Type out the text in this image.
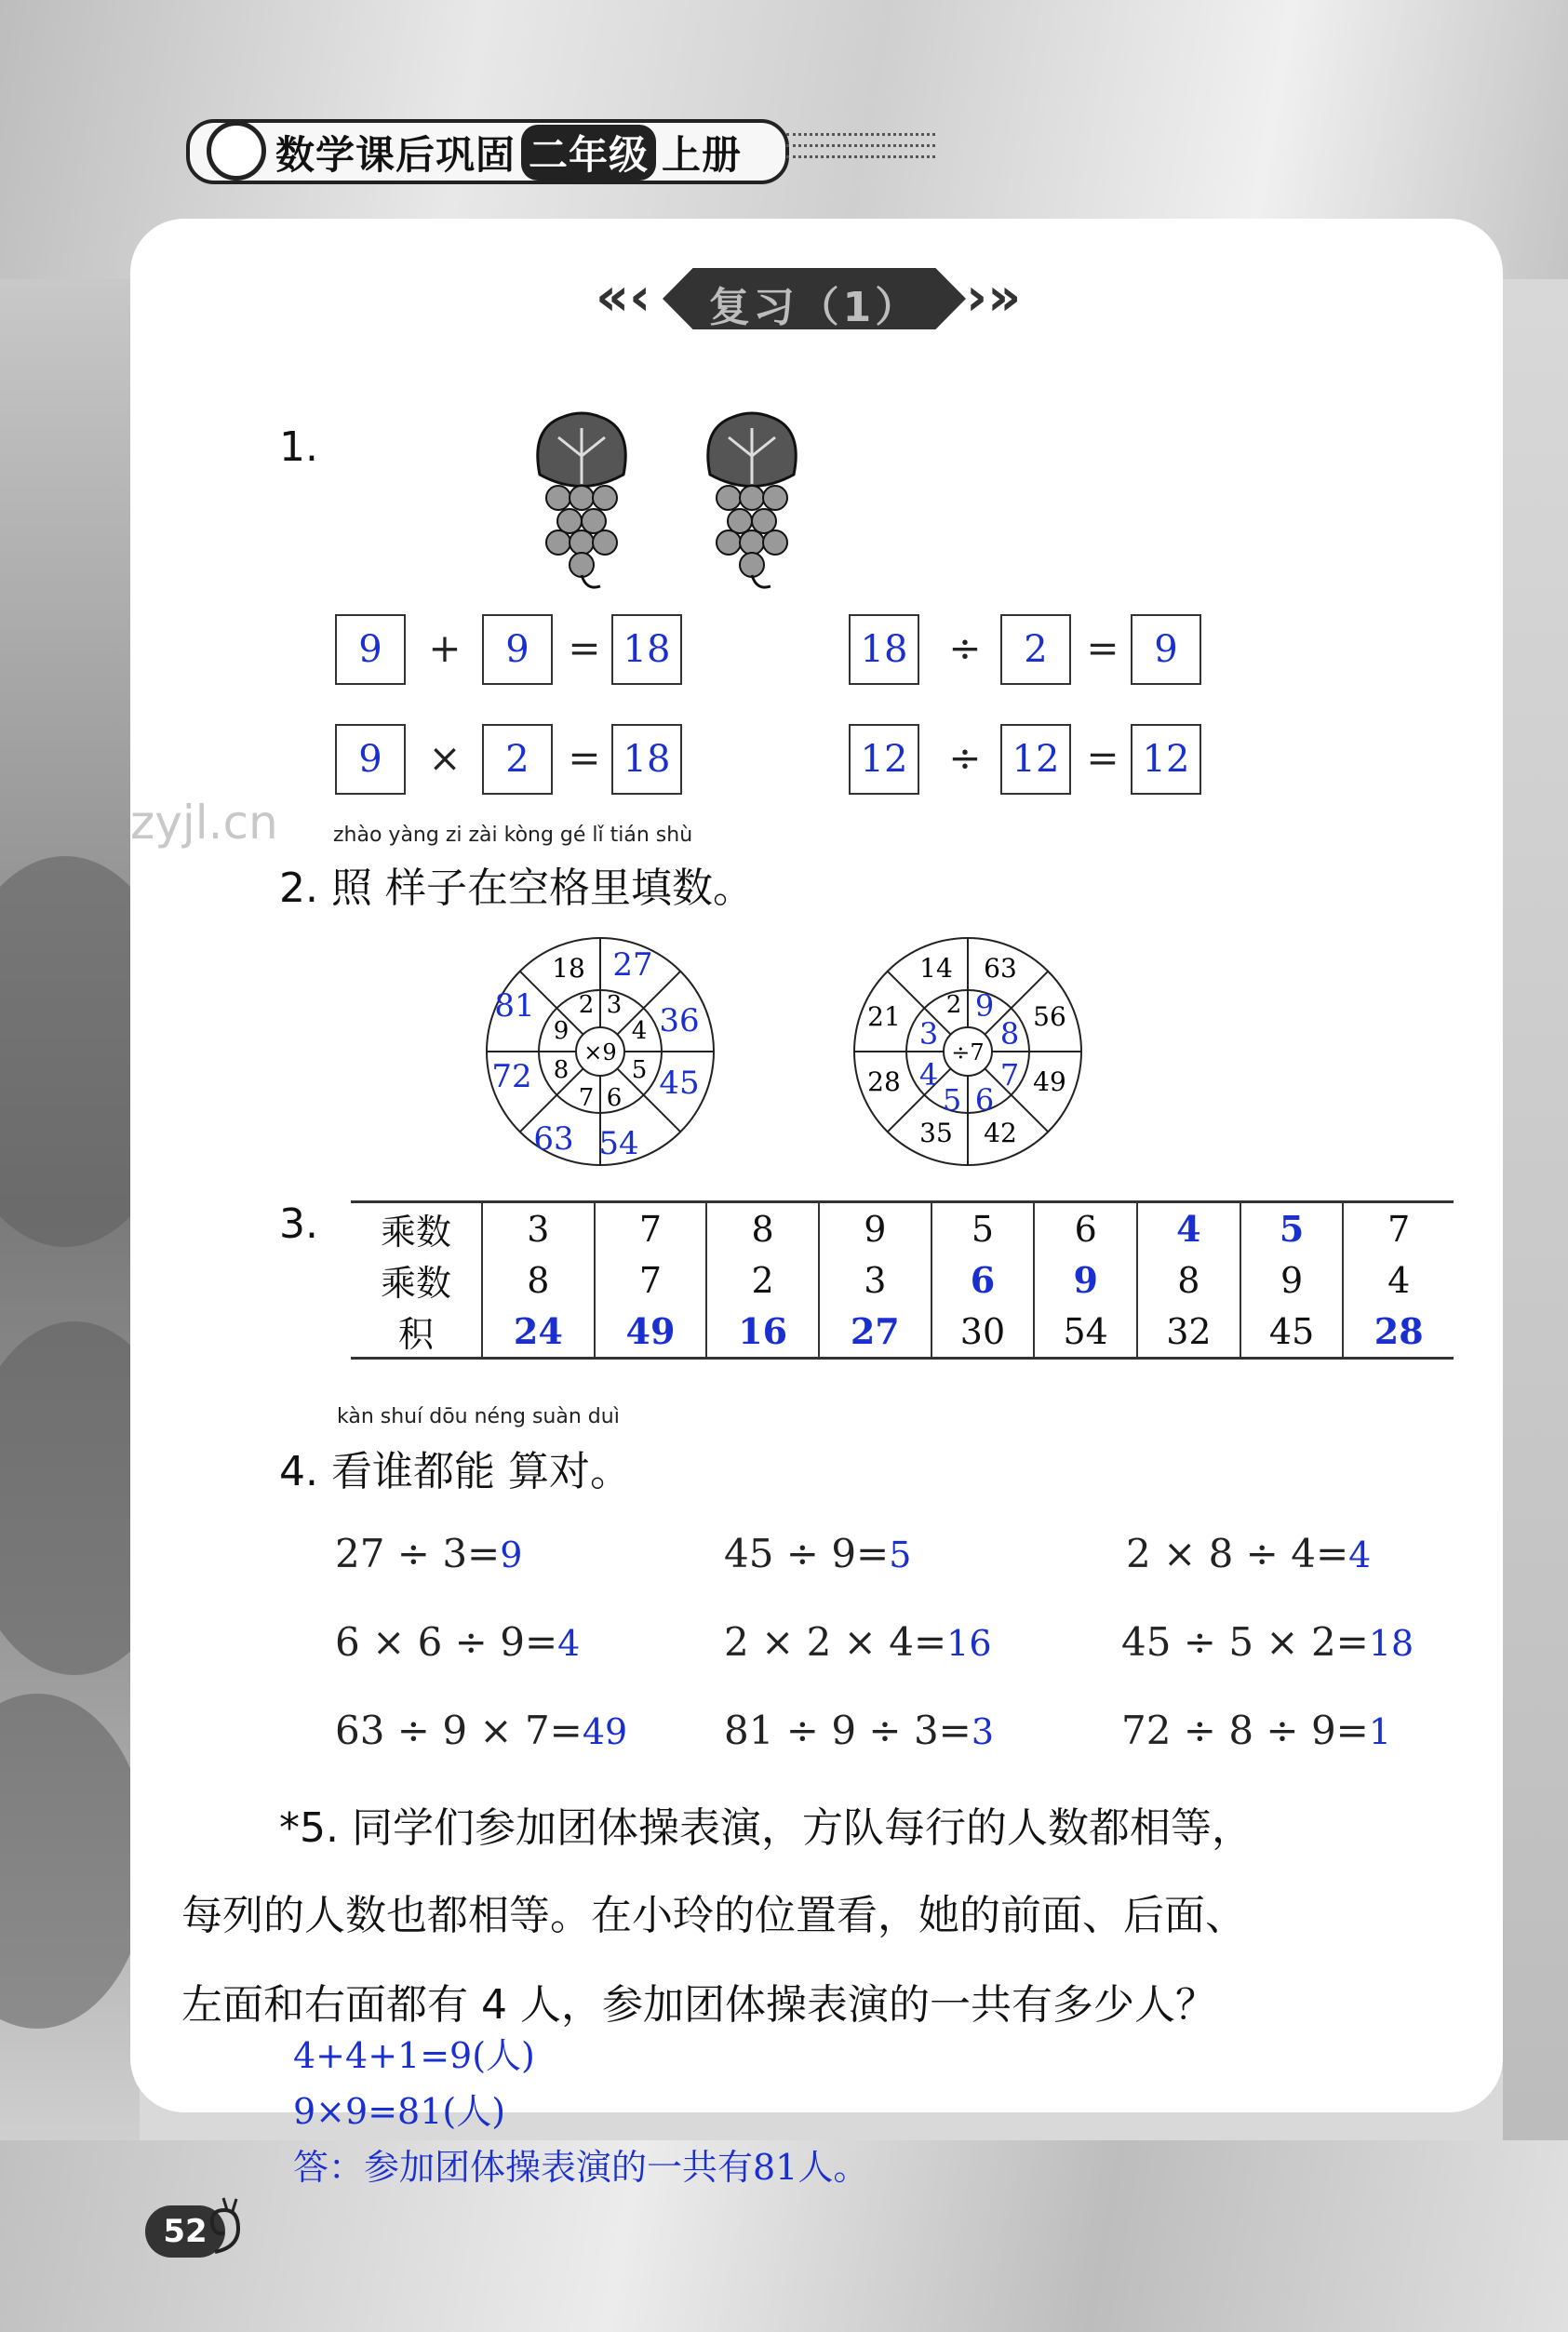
数学课后巩固 二年级 上册
«‹	复习（1） ›»
1.
9	+	9 = 18	18 ÷	2 = 9
9	×	2 = 18	12 ÷ 12 = 12
zyjl.cn	zhào yàng zi zài kòng gé lǐ tián shù
2. 照 样子在空格里填数。
×9
2
4
5
6
7
8
9
3
18 27
36
45
54
63
72
81
÷7
14 63
56
49
42
35
28
21 2 9
8
7
6
5
4
3
3. 乘数	3	7	8	9	5	6	4	5	7
乘数	8	7	2	3	6	9	8	9	4
积	24	49	16	27	30	54	32	45	28
kàn shuí dōu néng suàn duì
4. 看谁都能 算对。
27 ÷ 3=9	45 ÷ 9=5	2 × 8 ÷ 4=4
6 × 6 ÷ 9=4	2 × 2 × 4=16	45 ÷ 5 × 2=18
63 ÷ 9 × 7=49 81 ÷ 9 ÷ 3=3	72 ÷ 8 ÷ 9=1
*5. 同学们参加团体操表演，方队每行的人数都相等，
每列的人数也都相等。在小玲的位置看，她的前面、后面、
左面和右面都有 4 人，参加团体操表演的一共有多少人？
4+4+1=9(人)
9×9=81(人)
答：参加团体操表演的一共有81人。
52
